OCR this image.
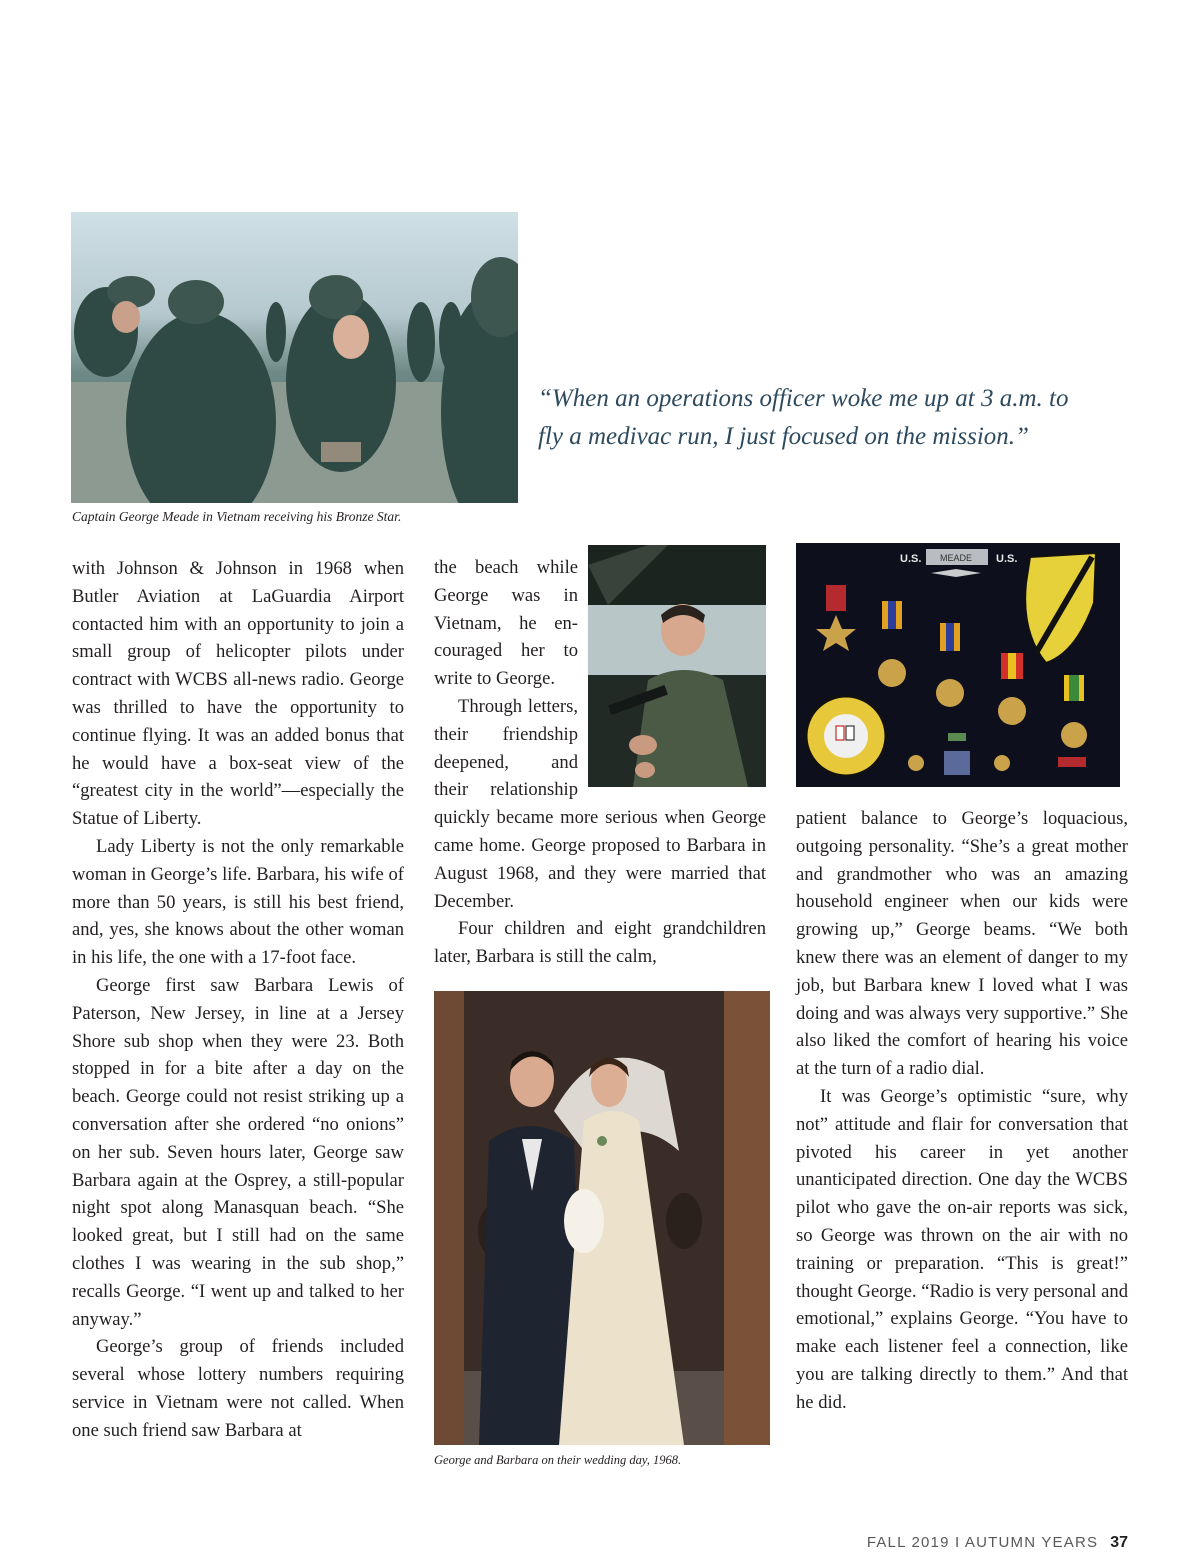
Captain George Meade in Vietnam receiving his Bronze Star.
“When an operations officer woke me up at 3 a.m. to fly a medivac run, I just focused on the mission.”

with Johnson & Johnson in 1968 when Butler Aviation at LaGuardia Airport contacted him with an opportunity to join a small group of helicopter pilots under contract with WCBS all-news radio. George was thrilled to have the opportunity to continue flying. It was an added bonus that he would have a box-seat view of the “greatest city in the world”—especially the Statue of Liberty.

Lady Liberty is not the only remarkable woman in George’s life. Barbara, his wife of more than 50 years, is still his best friend, and, yes, she knows about the other woman in his life, the one with a 17-foot face.

George first saw Barbara Lewis of Paterson, New Jersey, in line at a Jersey Shore sub shop when they were 23. Both stopped in for a bite after a day on the beach. George could not resist striking up a conversation after she ordered “no onions” on her sub. Seven hours later, George saw Barbara again at the Osprey, a still-popular night spot along Manasquan beach. “She looked great, but I still had on the same clothes I was wearing in the sub shop,” recalls George. “I went up and talked to her anyway.”

George’s group of friends included several whose lottery numbers requiring service in Vietnam were not called. When one such friend saw Barbara at

the beach while George was in Vietnam, he encouraged her to write to George.

Through letters, their friendship deepened, and their relationship quickly became more serious when George came home. George proposed to Barbara in August 1968, and they were married that December.

Four children and eight grandchildren later, Barbara is still the calm,

U.S. MEADE U.S.
George and Barbara on their wedding day, 1968.

patient balance to George’s loquacious, outgoing personality. “She’s a great mother and grandmother who was an amazing household engineer when our kids were growing up,” George beams. “We both knew there was an element of danger to my job, but Barbara knew I loved what I was doing and was always very supportive.” She also liked the comfort of hearing his voice at the turn of a radio dial.

It was George’s optimistic “sure, why not” attitude and flair for conversation that pivoted his career in yet another unanticipated direction. One day the WCBS pilot who gave the on-air reports was sick, so George was thrown on the air with no training or preparation. “This is great!” thought George. “Radio is very personal and emotional,” explains George. “You have to make each listener feel a connection, like you are talking directly to them.” And that he did.

FALL 2019 I AUTUMN YEARS 37
